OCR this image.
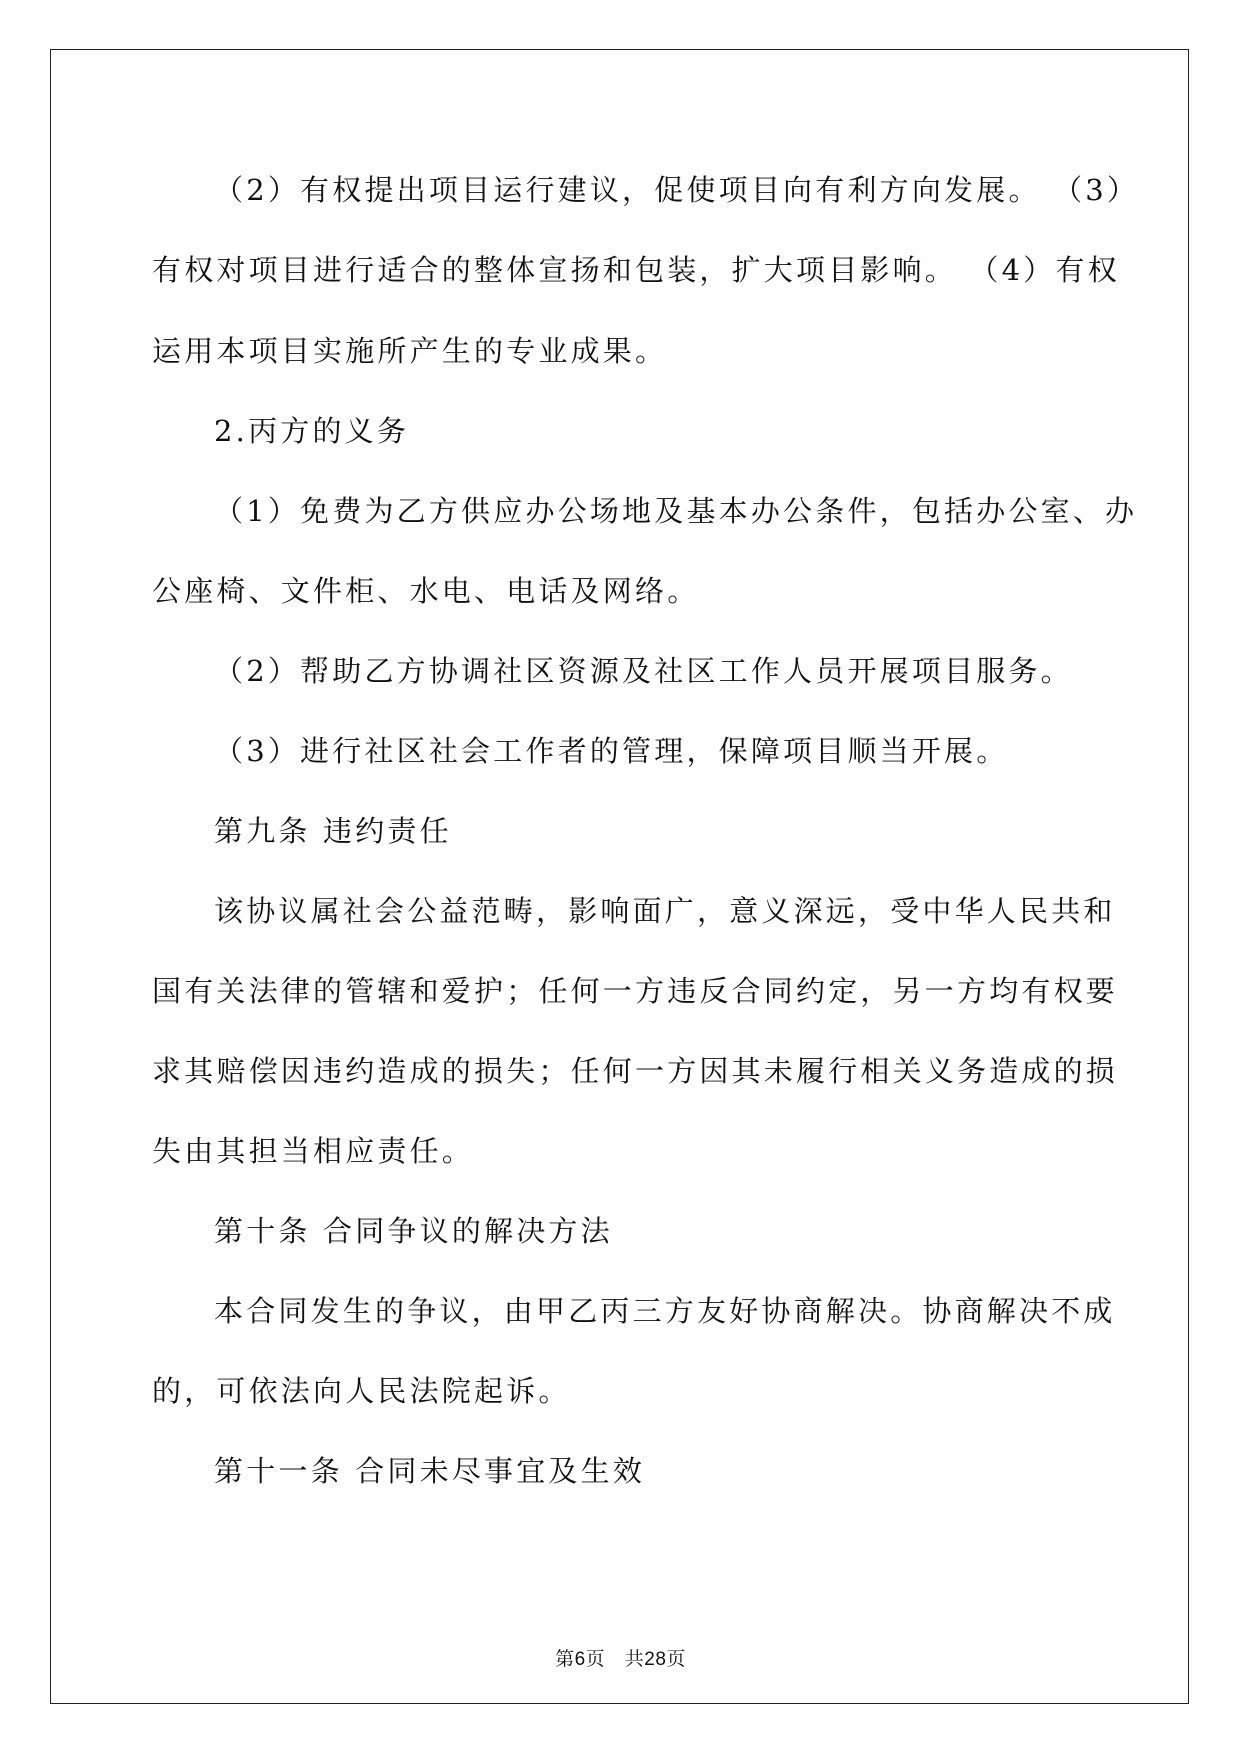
（2）有权提出项目运行建议，促使项目向有利方向发展。 （3）
有权对项目进行适合的整体宣扬和包装，扩大项目影响。 （4）有权
运用本项目实施所产生的专业成果。
2.丙方的义务
（1）免费为乙方供应办公场地及基本办公条件，包括办公室、办
公座椅、文件柜、水电、电话及网络。
（2）帮助乙方协调社区资源及社区工作人员开展项目服务。
（3）进行社区社会工作者的管理，保障项目顺当开展。
第九条 违约责任
该协议属社会公益范畴，影响面广，意义深远，受中华人民共和
国有关法律的管辖和爱护；任何一方违反合同约定，另一方均有权要
求其赔偿因违约造成的损失；任何一方因其未履行相关义务造成的损
失由其担当相应责任。
第十条 合同争议的解决方法
本合同发生的争议，由甲乙丙三方友好协商解决。协商解决不成
的，可依法向人民法院起诉。
第十一条 合同未尽事宜及生效
第6页   共28页
